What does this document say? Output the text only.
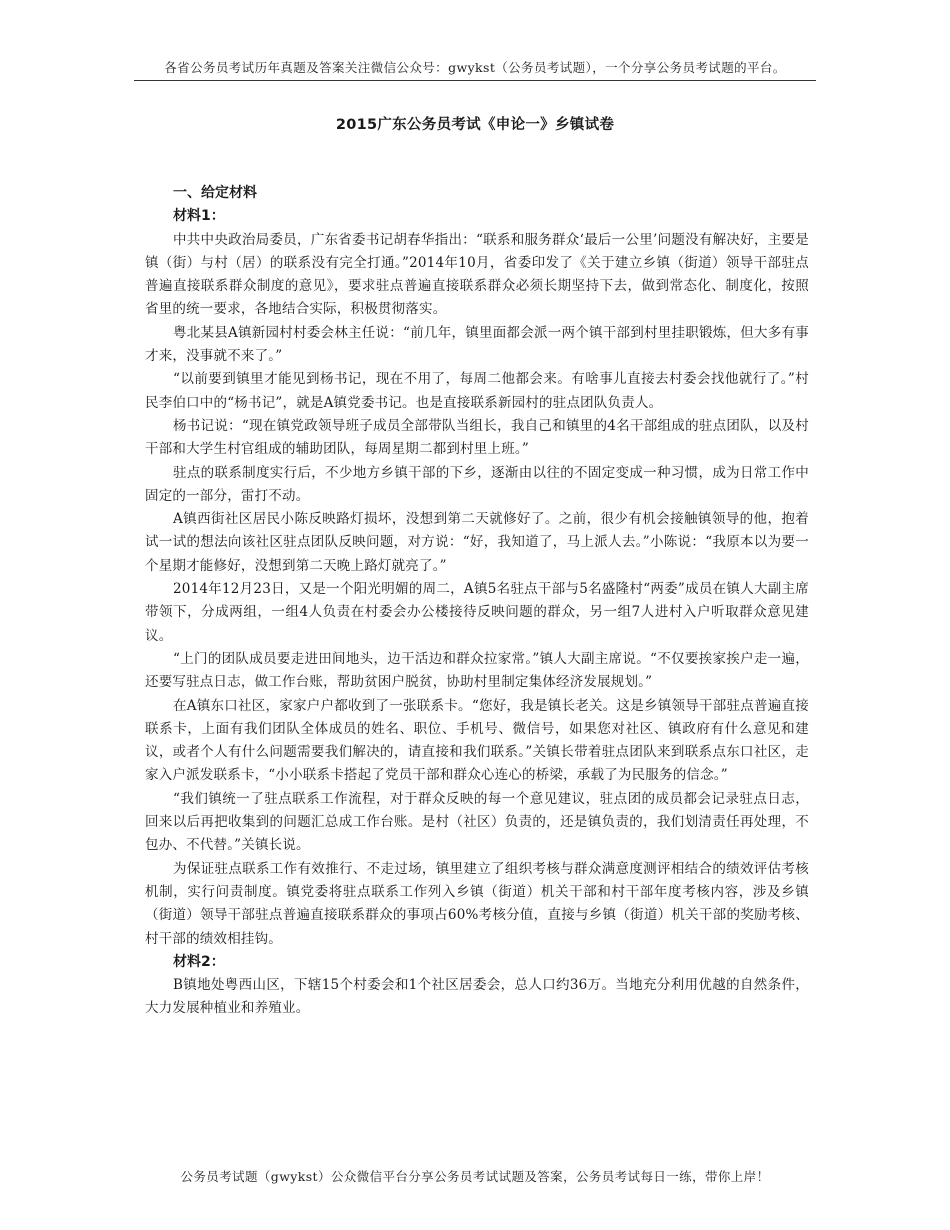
各省公务员考试历年真题及答案关注微信公众号：gwykst（公务员考试题），一个分享公务员考试题的平台。
2015广东公务员考试《申论一》乡镇试卷

一、给定材料

材料1：

中共中央政治局委员，广东省委书记胡春华指出：“联系和服务群众‘最后一公里’问题没有解决好，主要是镇（街）与村（居）的联系没有完全打通。”2014年10月，省委印发了《关于建立乡镇（街道）领导干部驻点普遍直接联系群众制度的意见》，要求驻点普遍直接联系群众必须长期坚持下去，做到常态化、制度化，按照省里的统一要求，各地结合实际，积极贯彻落实。

粤北某县A镇新园村村委会林主任说：“前几年，镇里面都会派一两个镇干部到村里挂职锻炼，但大多有事才来，没事就不来了。”

“以前要到镇里才能见到杨书记，现在不用了，每周二他都会来。有啥事儿直接去村委会找他就行了。”村民李伯口中的“杨书记”，就是A镇党委书记。也是直接联系新园村的驻点团队负责人。

杨书记说：“现在镇党政领导班子成员全部带队当组长，我自己和镇里的4名干部组成的驻点团队，以及村干部和大学生村官组成的辅助团队，每周星期二都到村里上班。”

驻点的联系制度实行后，不少地方乡镇干部的下乡，逐渐由以往的不固定变成一种习惯，成为日常工作中固定的一部分，雷打不动。

A镇西街社区居民小陈反映路灯损坏，没想到第二天就修好了。之前，很少有机会接触镇领导的他，抱着试一试的想法向该社区驻点团队反映问题，对方说：“好，我知道了，马上派人去。”小陈说：“我原本以为要一个星期才能修好，没想到第二天晚上路灯就亮了。”

2014年12月23日，又是一个阳光明媚的周二，A镇5名驻点干部与5名盛隆村“两委”成员在镇人大副主席带领下，分成两组，一组4人负责在村委会办公楼接待反映问题的群众，另一组7人进村入户听取群众意见建议。

“上门的团队成员要走进田间地头，边干活边和群众拉家常。”镇人大副主席说。“不仅要挨家挨户走一遍，还要写驻点日志，做工作台账，帮助贫困户脱贫，协助村里制定集体经济发展规划。”

在A镇东口社区，家家户户都收到了一张联系卡。“您好，我是镇长老关。这是乡镇领导干部驻点普遍直接联系卡，上面有我们团队全体成员的姓名、职位、手机号、微信号，如果您对社区、镇政府有什么意见和建议，或者个人有什么问题需要我们解决的，请直接和我们联系。”关镇长带着驻点团队来到联系点东口社区，走家入户派发联系卡，“小小联系卡搭起了党员干部和群众心连心的桥梁，承载了为民服务的信念。”

“我们镇统一了驻点联系工作流程，对于群众反映的每一个意见建议，驻点团的成员都会记录驻点日志，回来以后再把收集到的问题汇总成工作台账。是村（社区）负责的，还是镇负责的，我们划清责任再处理，不包办、不代替。”关镇长说。

为保证驻点联系工作有效推行、不走过场，镇里建立了组织考核与群众满意度测评相结合的绩效评估考核机制，实行问责制度。镇党委将驻点联系工作列入乡镇（街道）机关干部和村干部年度考核内容，涉及乡镇（街道）领导干部驻点普遍直接联系群众的事项占60%考核分值，直接与乡镇（街道）机关干部的奖励考核、村干部的绩效相挂钩。

材料2：

B镇地处粤西山区，下辖15个村委会和1个社区居委会，总人口约36万。当地充分利用优越的自然条件，大力发展种植业和养殖业。

公务员考试题（gwykst）公众微信平台分享公务员考试试题及答案，公务员考试每日一练，带你上岸！
